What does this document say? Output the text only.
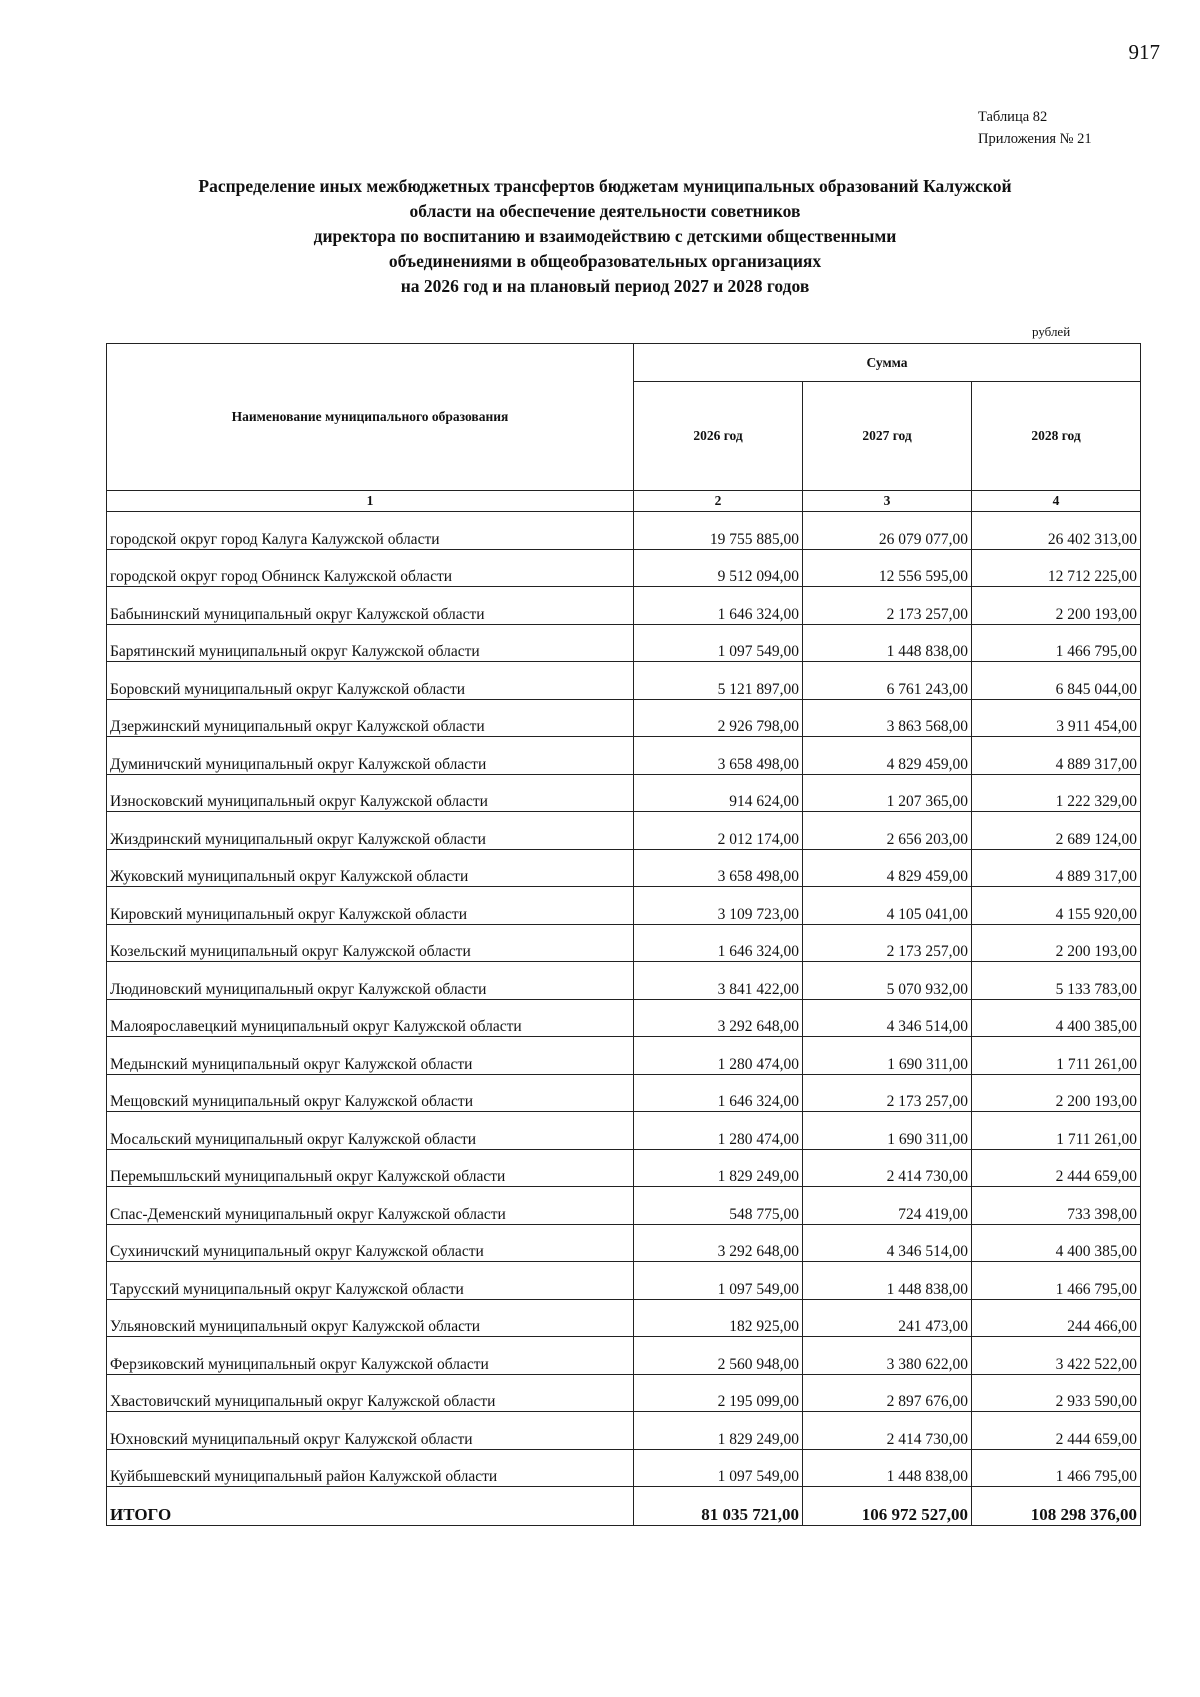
917
Таблица 82
Приложения № 21
Распределение иных межбюджетных трансфертов бюджетам муниципальных образований Калужской
области на обеспечение деятельности советников
директора по воспитанию и взаимодействию с детскими общественными
объединениями в общеобразовательных организациях
на 2026 год и на плановый период 2027 и 2028 годов
рублей
Наименование муниципального образования	Сумма		
	2026 год	2027 год	2028 год
1	2	3	4
городской округ город Калуга Калужской области	19 755 885,00	26 079 077,00	26 402 313,00
городской округ город Обнинск Калужской области	9 512 094,00	12 556 595,00	12 712 225,00
Бабынинский муниципальный округ Калужской области	1 646 324,00	2 173 257,00	2 200 193,00
Барятинский муниципальный округ Калужской области	1 097 549,00	1 448 838,00	1 466 795,00
Боровский муниципальный округ Калужской области	5 121 897,00	6 761 243,00	6 845 044,00
Дзержинский муниципальный округ Калужской области	2 926 798,00	3 863 568,00	3 911 454,00
Думиничский муниципальный округ Калужской области	3 658 498,00	4 829 459,00	4 889 317,00
Износковский муниципальный округ Калужской области	914 624,00	1 207 365,00	1 222 329,00
Жиздринский муниципальный округ Калужской области	2 012 174,00	2 656 203,00	2 689 124,00
Жуковский муниципальный округ Калужской области	3 658 498,00	4 829 459,00	4 889 317,00
Кировский муниципальный округ Калужской области	3 109 723,00	4 105 041,00	4 155 920,00
Козельский муниципальный округ Калужской области	1 646 324,00	2 173 257,00	2 200 193,00
Людиновский муниципальный округ Калужской области	3 841 422,00	5 070 932,00	5 133 783,00
Малоярославецкий муниципальный округ Калужской области	3 292 648,00	4 346 514,00	4 400 385,00
Медынский муниципальный округ Калужской области	1 280 474,00	1 690 311,00	1 711 261,00
Мещовский муниципальный округ Калужской области	1 646 324,00	2 173 257,00	2 200 193,00
Мосальский муниципальный округ Калужской области	1 280 474,00	1 690 311,00	1 711 261,00
Перемышльский муниципальный округ Калужской области	1 829 249,00	2 414 730,00	2 444 659,00
Спас-Деменский муниципальный округ Калужской области	548 775,00	724 419,00	733 398,00
Сухиничский муниципальный округ Калужской области	3 292 648,00	4 346 514,00	4 400 385,00
Тарусский муниципальный округ Калужской области	1 097 549,00	1 448 838,00	1 466 795,00
Ульяновский муниципальный округ Калужской области	182 925,00	241 473,00	244 466,00
Ферзиковский муниципальный округ Калужской области	2 560 948,00	3 380 622,00	3 422 522,00
Хвастовичский муниципальный округ Калужской области	2 195 099,00	2 897 676,00	2 933 590,00
Юхновский муниципальный округ Калужской области	1 829 249,00	2 414 730,00	2 444 659,00
Куйбышевский муниципальный район Калужской области	1 097 549,00	1 448 838,00	1 466 795,00
ИТОГО	81 035 721,00	106 972 527,00	108 298 376,00
